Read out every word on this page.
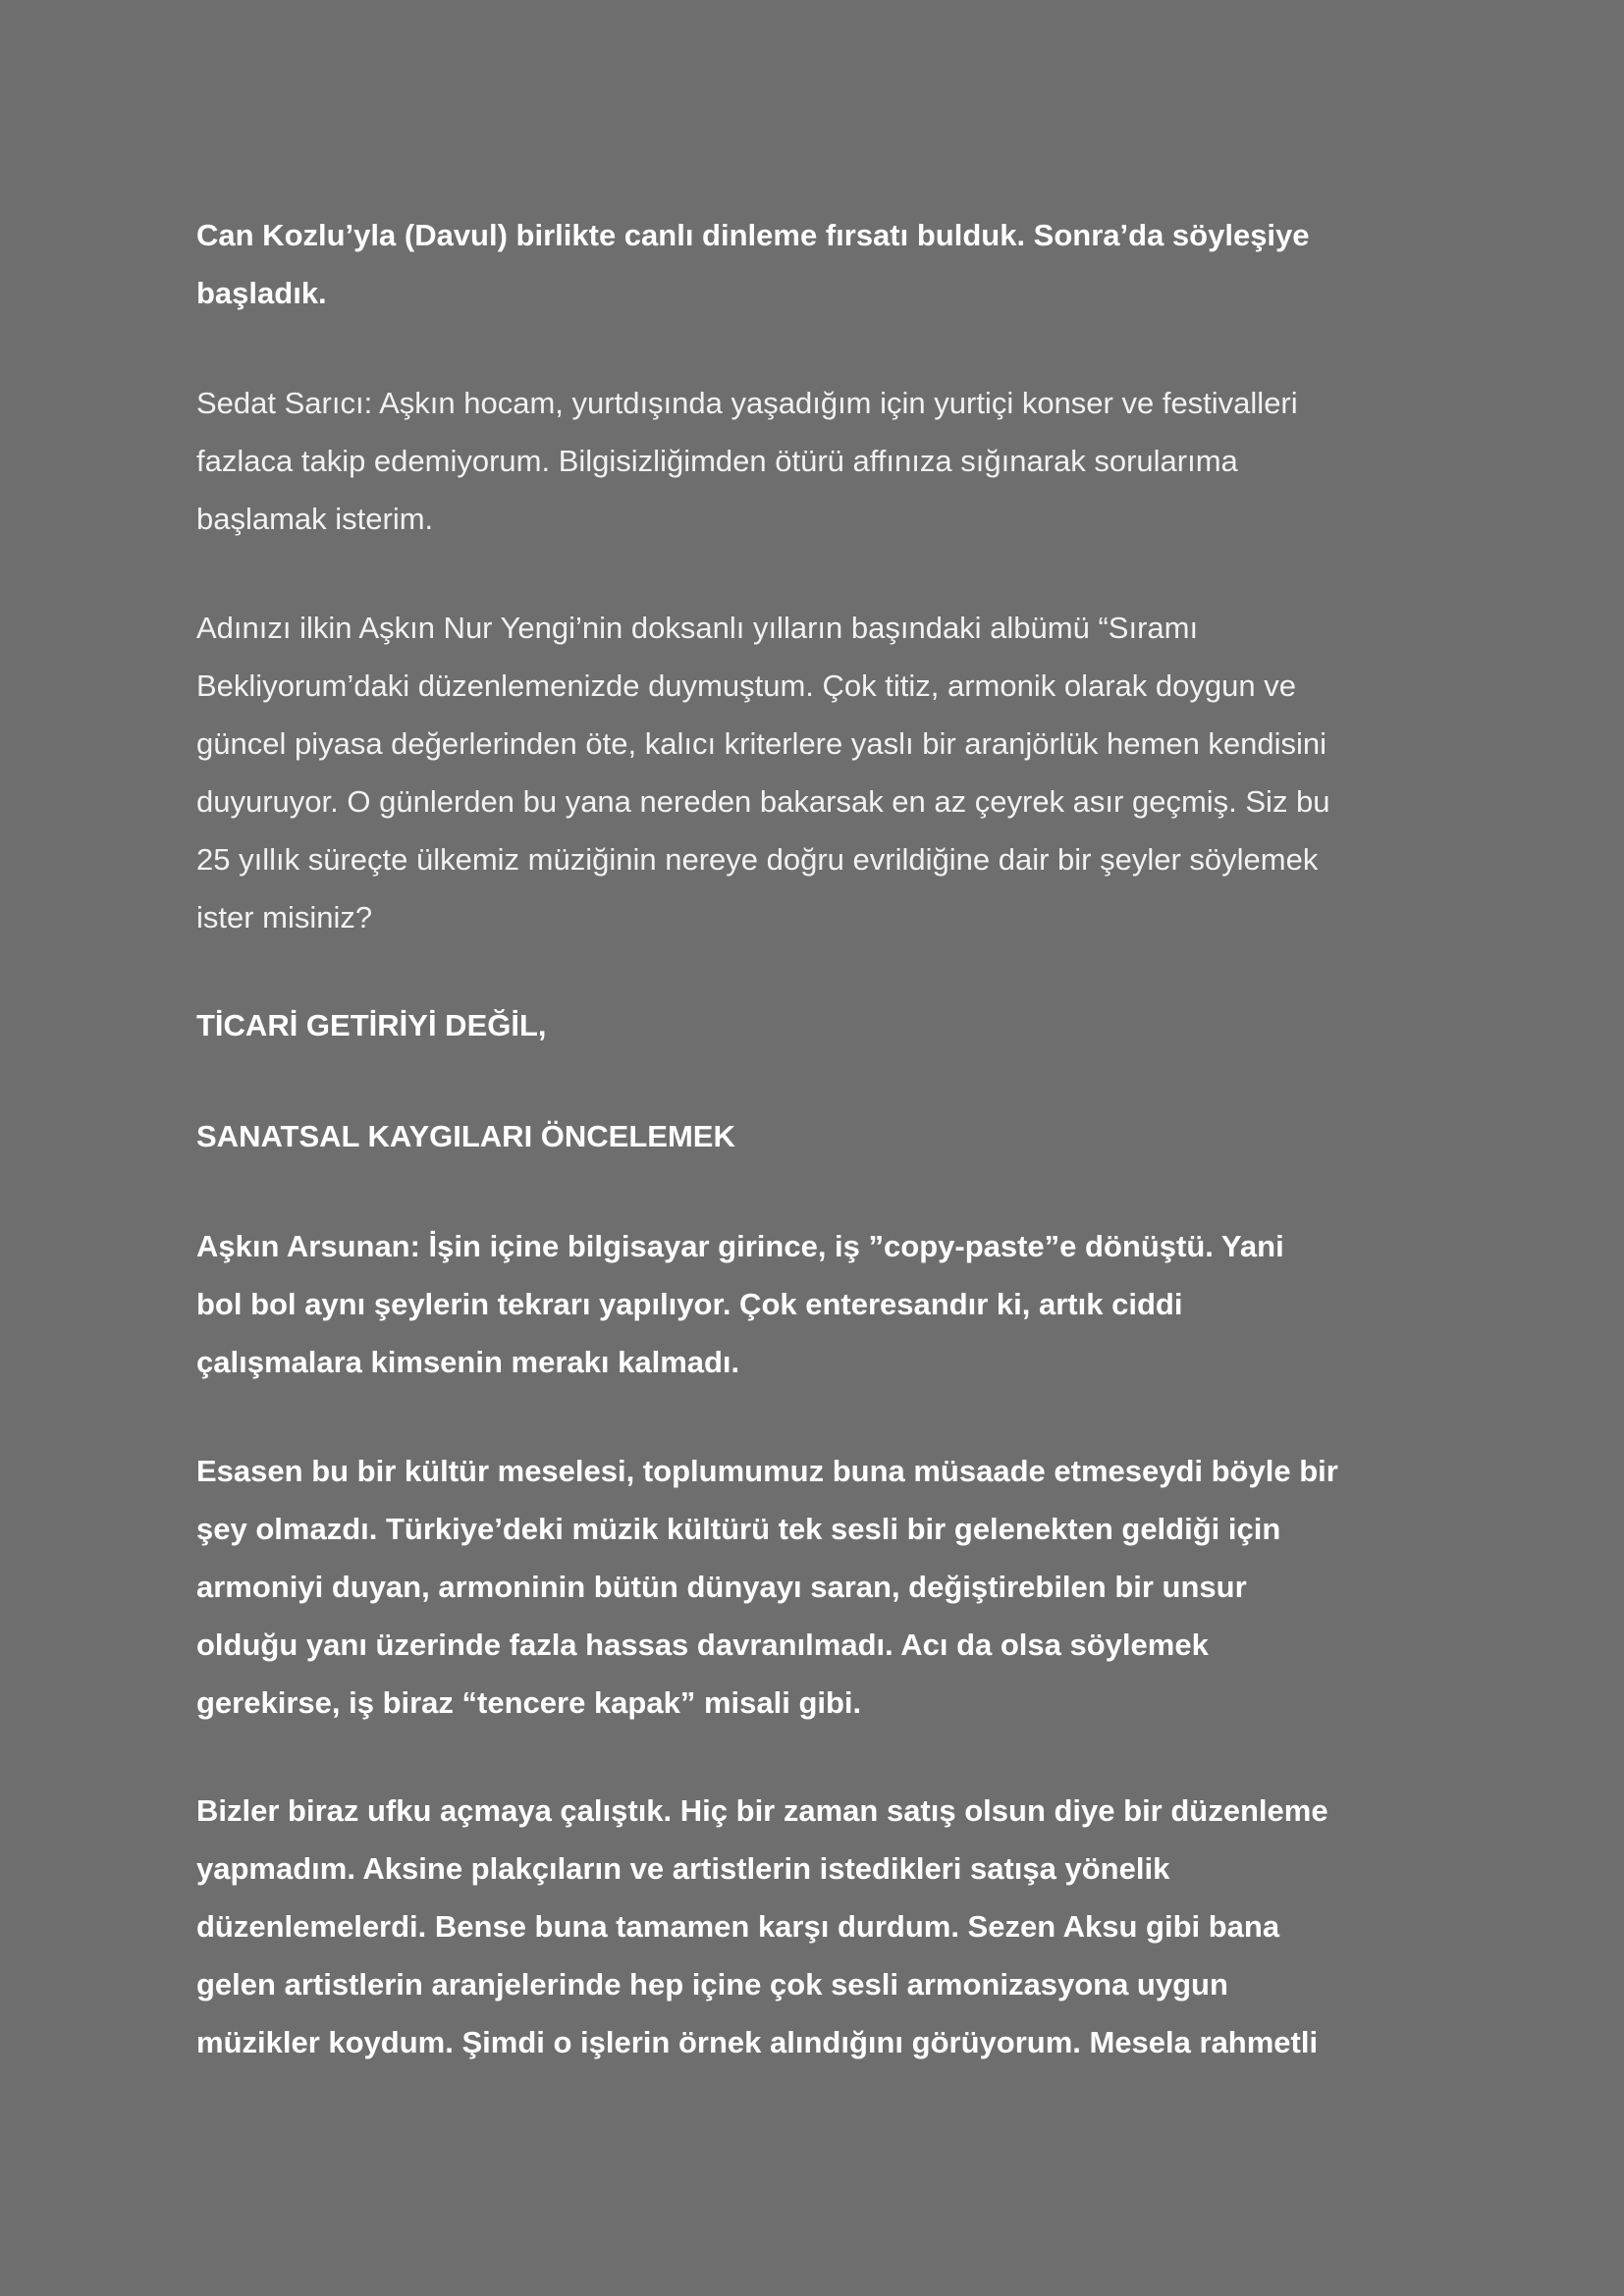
Can Kozlu’yla (Davul) birlikte canlı dinleme fırsatı bulduk. Sonra’da söyleşiye
başladık.

Sedat Sarıcı: Aşkın hocam, yurtdışında yaşadığım için yurtiçi konser ve festivalleri
fazlaca takip edemiyorum. Bilgisizliğimden ötürü affınıza sığınarak sorularıma
başlamak isterim.

Adınızı ilkin Aşkın Nur Yengi’nin doksanlı yılların başındaki albümü “Sıramı
Bekliyorum’daki düzenlemenizde duymuştum. Çok titiz, armonik olarak doygun ve
güncel piyasa değerlerinden öte, kalıcı kriterlere yaslı bir aranjörlük hemen kendisini
duyuruyor. O günlerden bu yana nereden bakarsak en az çeyrek asır geçmiş. Siz bu
25 yıllık süreçte ülkemiz müziğinin nereye doğru evrildiğine dair bir şeyler söylemek
ister misiniz?

TİCARİ GETİRİYİ DEĞİL,

SANATSAL KAYGILARI ÖNCELEMEK

Aşkın Arsunan: İşin içine bilgisayar girince, iş ”copy-paste”e dönüştü. Yani
bol bol aynı şeylerin tekrarı yapılıyor. Çok enteresandır ki, artık ciddi
çalışmalara kimsenin merakı kalmadı.

Esasen bu bir kültür meselesi, toplumumuz buna müsaade etmeseydi böyle bir
şey olmazdı. Türkiye’deki müzik kültürü tek sesli bir gelenekten geldiği için
armoniyi duyan, armoninin bütün dünyayı saran, değiştirebilen bir unsur
olduğu yanı üzerinde fazla hassas davranılmadı. Acı da olsa söylemek
gerekirse, iş biraz “tencere kapak” misali gibi.

Bizler biraz ufku açmaya çalıştık. Hiç bir zaman satış olsun diye bir düzenleme
yapmadım. Aksine plakçıların ve artistlerin istedikleri satışa yönelik
düzenlemelerdi. Bense buna tamamen karşı durdum. Sezen Aksu gibi bana
gelen artistlerin aranjelerinde hep içine çok sesli armonizasyona uygun
müzikler koydum. Şimdi o işlerin örnek alındığını görüyorum. Mesela rahmetli
